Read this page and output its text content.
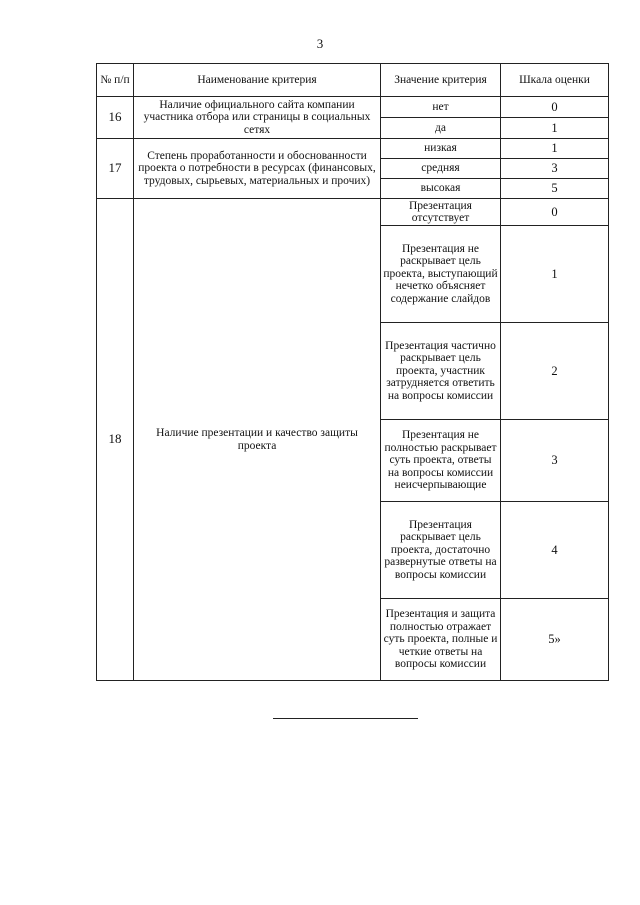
3
№ п/п	Наименование критерия	Значение критерия	Шкала оценки
16	Наличие официального сайта компании участника отбора или страницы в социальных сетях	нет	0
		да	1
17	Степень проработанности и обоснованности проекта о потребности в ресурсах (финансовых, трудовых, сырьевых, материальных и прочих)	низкая	1
		средняя	3
		высокая	5
18	Наличие презентации и качество защиты проекта	Презентация отсутствует	0
		Презентация не раскрывает цель проекта, выступающий нечетко объясняет содержание слайдов	1
		Презентация частично раскрывает цель проекта, участник затрудняется ответить на вопросы комиссии	2
		Презентация не полностью раскрывает суть проекта, ответы на вопросы комиссии неисчерпывающие	3
		Презентация раскрывает цель проекта, достаточно развернутые ответы на вопросы комиссии	4
		Презентация и защита полностью отражает суть проекта, полные и четкие ответы на вопросы комиссии	5»
